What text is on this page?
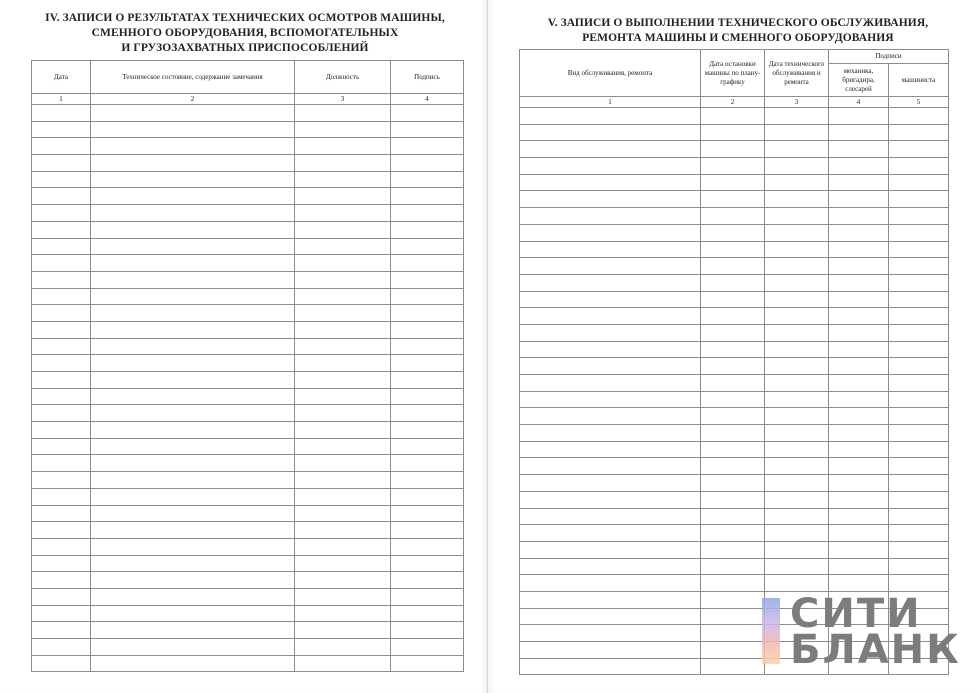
IV. ЗАПИСИ О РЕЗУЛЬТАТАХ ТЕХНИЧЕСКИХ ОСМОТРОВ МАШИНЫ,
СМЕННОГО ОБОРУДОВАНИЯ, ВСПОМОГАТЕЛЬНЫХ
И ГРУЗОЗАХВАТНЫХ ПРИСПОСОБЛЕНИЙ
Дата	Техническое состояние, содержание замечания	Должность	Подпись
1	2	3	4

V. ЗАПИСИ О ВЫПОЛНЕНИИ ТЕХНИЧЕСКОГО ОБСЛУЖИВАНИЯ,
РЕМОНТА МАШИНЫ И СМЕННОГО ОБОРУДОВАНИЯ
Вид обслуживания, ремонта	Дата остановки машины по плану-графику	Дата технического обслуживания и ремонта	Подписи	
			механика, бригадира, слесарей	машиниста
1	2	3	4	5

СИТИ
БЛАНК
